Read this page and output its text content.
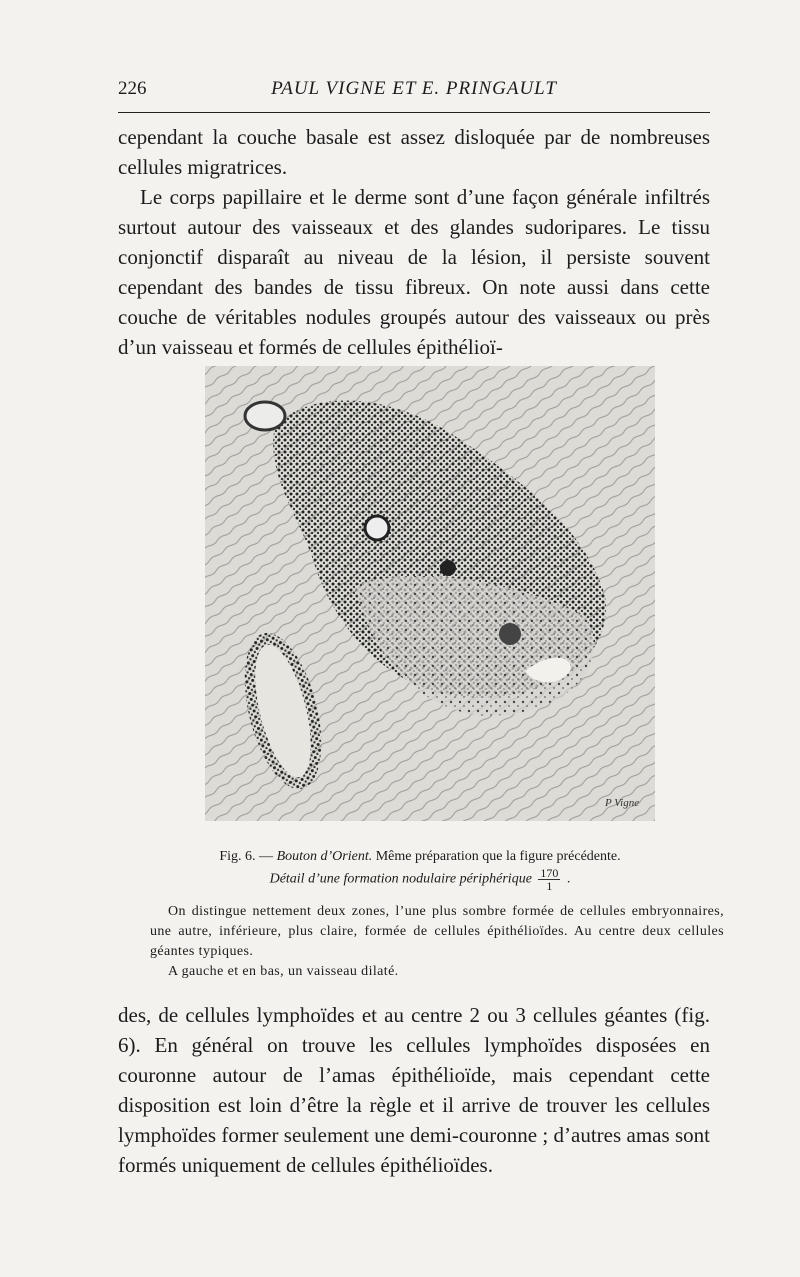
226	PAUL VIGNE ET E. PRINGAULT

cependant la couche basale est assez disloquée par de nombreuses cellules migratrices.

Le corps papillaire et le derme sont d’une façon générale infiltrés surtout autour des vaisseaux et des glandes sudoripares. Le tissu conjonctif disparaît au niveau de la lésion, il persiste souvent cependant des bandes de tissu fibreux. On note aussi dans cette couche de véritables nodules groupés autour des vaisseaux ou près d’un vaisseau et formés de cellules épithélioï-

P Vigne
Fig. 6. — Bouton d’Orient. Même préparation que la figure précédente.
Détail d’une formation nodulaire périphérique $\frac{170}{1}$ .

On distingue nettement deux zones, l’une plus sombre formée de cellules embryonnaires, une autre, inférieure, plus claire, formée de cellules épithélioïdes. Au centre deux cellules géantes typiques.

A gauche et en bas, un vaisseau dilaté.

des, de cellules lymphoïdes et au centre 2 ou 3 cellules géantes (fig. 6). En général on trouve les cellules lymphoïdes disposées en couronne autour de l’amas épithélioïde, mais cependant cette disposition est loin d’être la règle et il arrive de trouver les cellules lymphoïdes former seulement une demi-couronne ; d’autres amas sont formés uniquement de cellules épithélioïdes.
